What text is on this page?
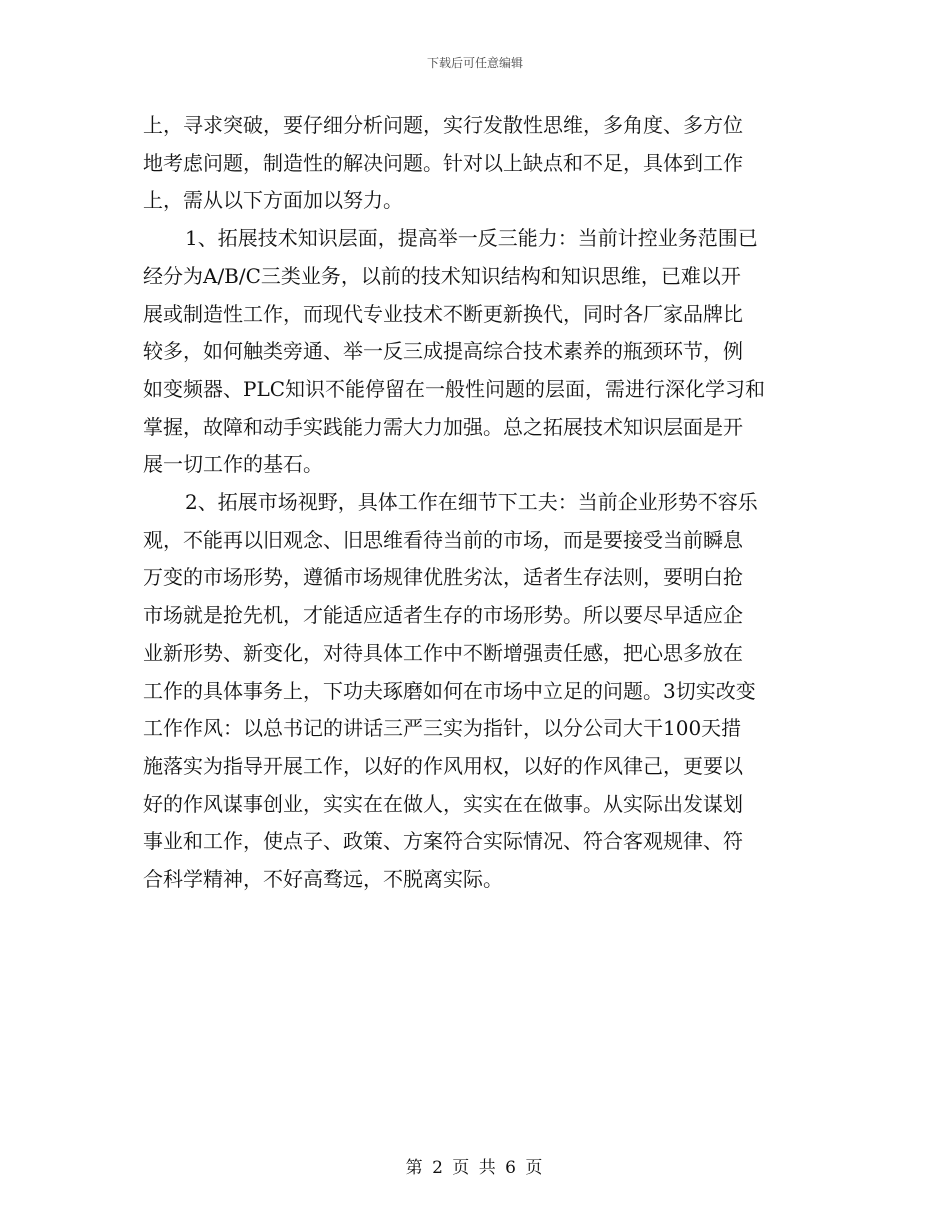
下载后可任意编辑
上，寻求突破，要仔细分析问题，实行发散性思维，多角度、多方位
地考虑问题，制造性的解决问题。针对以上缺点和不足，具体到工作
上，需从以下方面加以努力。
1、拓展技术知识层面，提高举一反三能力：当前计控业务范围已
经分为A/B/C三类业务，以前的技术知识结构和知识思维，已难以开
展或制造性工作，而现代专业技术不断更新换代，同时各厂家品牌比
较多，如何触类旁通、举一反三成提高综合技术素养的瓶颈环节，例
如变频器、PLC知识不能停留在一般性问题的层面，需进行深化学习和
掌握，故障和动手实践能力需大力加强。总之拓展技术知识层面是开
展一切工作的基石。
2、拓展市场视野，具体工作在细节下工夫：当前企业形势不容乐
观，不能再以旧观念、旧思维看待当前的市场，而是要接受当前瞬息
万变的市场形势，遵循市场规律优胜劣汰，适者生存法则，要明白抢
市场就是抢先机，才能适应适者生存的市场形势。所以要尽早适应企
业新形势、新变化，对待具体工作中不断增强责任感，把心思多放在
工作的具体事务上，下功夫琢磨如何在市场中立足的问题。3切实改变
工作作风：以总书记的讲话三严三实为指针，以分公司大干100天措
施落实为指导开展工作，以好的作风用权，以好的作风律己，更要以
好的作风谋事创业，实实在在做人，实实在在做事。从实际出发谋划
事业和工作，使点子、政策、方案符合实际情况、符合客观规律、符
合科学精神，不好高骛远，不脱离实际。
第 2 页 共 6 页
